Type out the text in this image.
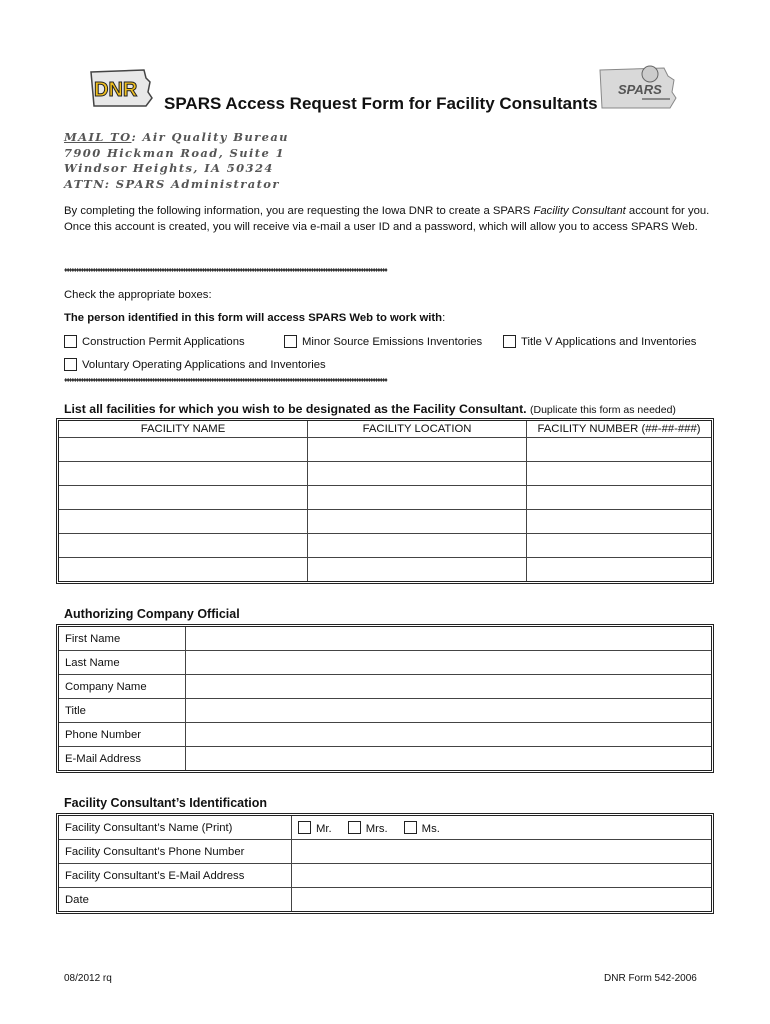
DNR	SPARS
SPARS Access Request Form for Facility Consultants
MAIL TO: Air Quality Bureau
7900 Hickman Road, Suite 1
Windsor Heights, IA 50324
ATTN: SPARS Administrator
By completing the following information, you are requesting the Iowa DNR to create a SPARS Facility Consultant account for you. Once this account is created, you will receive via e-mail a user ID and a password, which will allow you to access SPARS Web.
♦♦♦♦♦♦♦♦♦♦♦♦♦♦♦♦♦♦♦♦♦♦♦♦♦♦♦♦♦♦♦♦♦♦♦♦♦♦♦♦♦♦♦♦♦♦♦♦♦♦♦♦♦♦♦♦♦♦♦♦♦♦♦♦♦♦♦♦♦♦♦♦♦♦♦♦♦♦♦♦♦♦♦♦♦♦♦♦♦♦♦♦♦♦♦♦♦♦♦♦♦♦♦♦♦♦♦♦♦♦♦♦♦♦♦♦♦♦♦♦♦♦♦♦♦♦♦♦♦♦♦♦♦♦♦♦
Check the appropriate boxes:
The person identified in this form will access SPARS Web to work with:
Construction Permit Applications	Minor Source Emissions Inventories	Title V Applications and Inventories
Voluntary Operating Applications and Inventories
♦♦♦♦♦♦♦♦♦♦♦♦♦♦♦♦♦♦♦♦♦♦♦♦♦♦♦♦♦♦♦♦♦♦♦♦♦♦♦♦♦♦♦♦♦♦♦♦♦♦♦♦♦♦♦♦♦♦♦♦♦♦♦♦♦♦♦♦♦♦♦♦♦♦♦♦♦♦♦♦♦♦♦♦♦♦♦♦♦♦♦♦♦♦♦♦♦♦♦♦♦♦♦♦♦♦♦♦♦♦♦♦♦♦♦♦♦♦♦♦♦♦♦♦♦♦♦♦♦♦♦♦♦♦♦♦
List all facilities for which you wish to be designated as the Facility Consultant. (Duplicate this form as needed)
FACILITY NAME	FACILITY LOCATION	FACILITY NUMBER (##-##-###)

Authorizing Company Official
First Name	
Last Name	
Company Name	
Title	
Phone Number	
E-Mail Address	
Facility Consultant’s Identification
Facility Consultant’s Name (Print)	Mr. Mrs. Ms.
Facility Consultant’s Phone Number	
Facility Consultant’s E-Mail Address	
Date	
08/2012 rq	DNR Form 542-2006
